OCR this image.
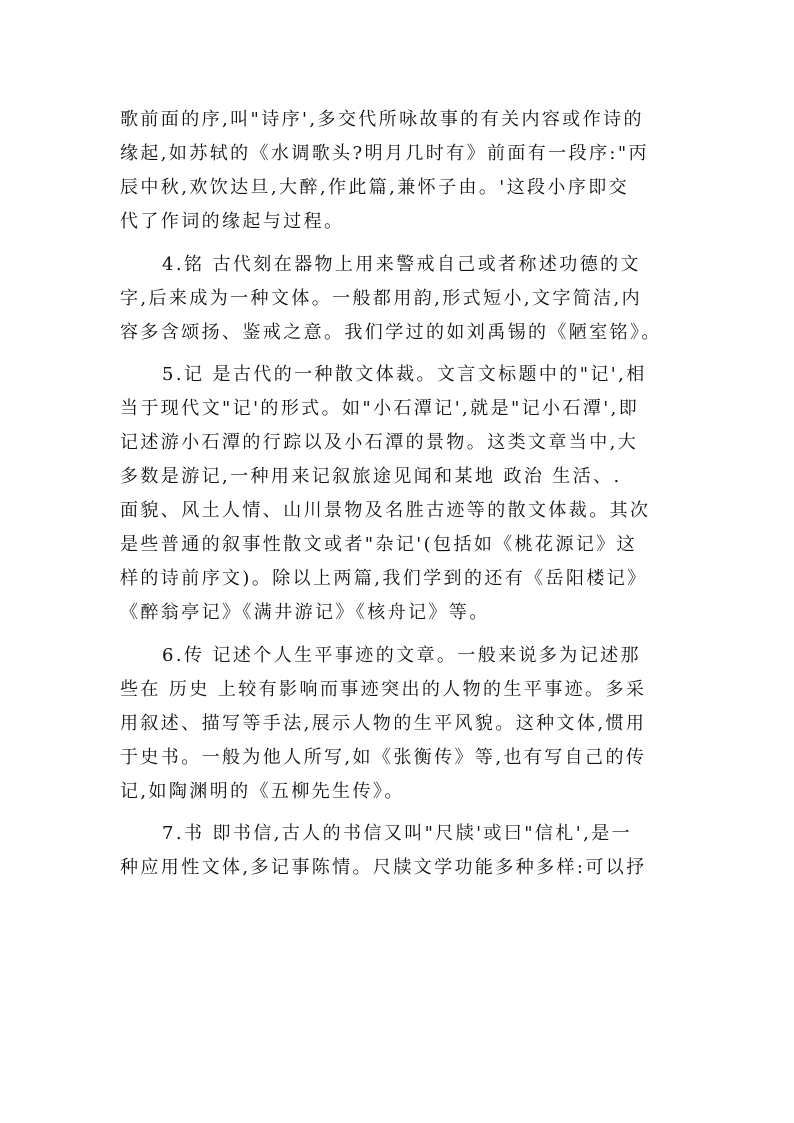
歌前面的序,叫"诗序',多交代所咏故事的有关内容或作诗的
缘起,如苏轼的《水调歌头?明月几时有》前面有一段序:"丙
辰中秋,欢饮达旦,大醉,作此篇,兼怀子由。'这段小序即交
代了作词的缘起与过程。
4.铭 古代刻在器物上用来警戒自己或者称述功德的文
字,后来成为一种文体。一般都用韵,形式短小,文字简洁,内
容多含颂扬、鉴戒之意。我们学过的如刘禹锡的《陋室铭》。
5.记 是古代的一种散文体裁。文言文标题中的"记',相
当于现代文"记'的形式。如"小石潭记',就是"记小石潭',即
记述游小石潭的行踪以及小石潭的景物。这类文章当中,大
多数是游记,一种用来记叙旅途见闻和某地 政治 生活、.
面貌、风土人情、山川景物及名胜古迹等的散文体裁。其次
是些普通的叙事性散文或者"杂记'(包括如《桃花源记》这
样的诗前序文)。除以上两篇,我们学到的还有《岳阳楼记》
《醉翁亭记》《满井游记》《核舟记》等。
6.传 记述个人生平事迹的文章。一般来说多为记述那
些在 历史 上较有影响而事迹突出的人物的生平事迹。多采
用叙述、描写等手法,展示人物的生平风貌。这种文体,惯用
于史书。一般为他人所写,如《张衡传》等,也有写自己的传
记,如陶渊明的《五柳先生传》。
7.书 即书信,古人的书信又叫"尺牍'或曰"信札',是一
种应用性文体,多记事陈情。尺牍文学功能多种多样:可以抒
